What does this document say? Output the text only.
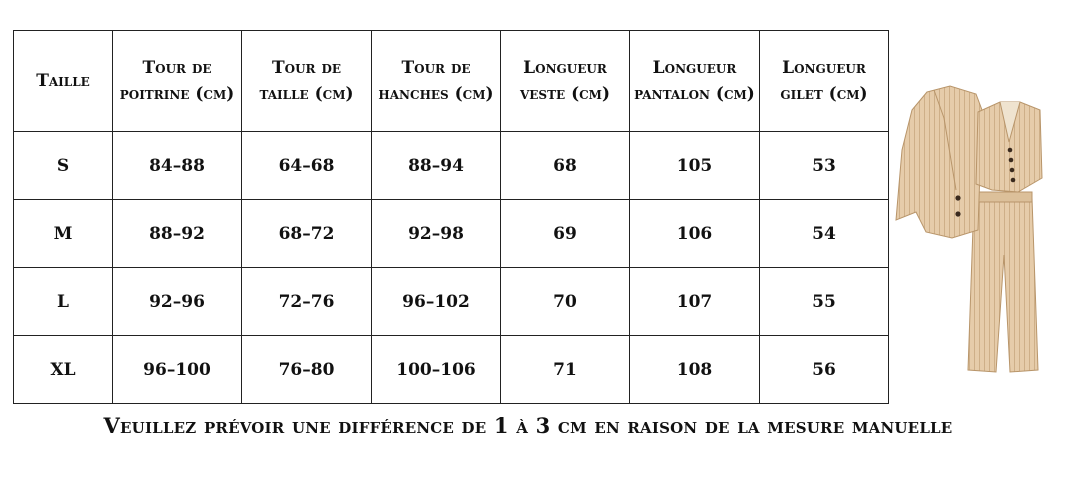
Taille	Tour de poitrine (cm)	Tour de taille (cm)	Tour de hanches (cm)	Longueur veste (cm)	Longueur pantalon (cm)	Longueur gilet (cm)
S	84–88	64–68	88–94	68	105	53
M	88–92	68–72	92–98	69	106	54
L	92–96	72–76	96–102	70	107	55
XL	96–100	76–80	100–106	71	108	56
Veuillez prévoir une différence de 1 à 3 cm en raison de la mesure manuelle
